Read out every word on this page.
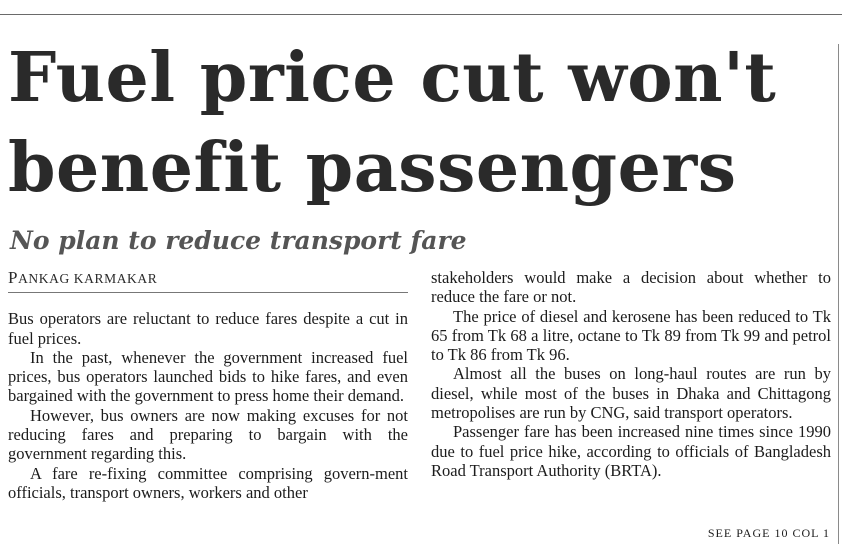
Fuel price cut won't benefit passengers
No plan to reduce transport fare
PANKAG KARMAKAR

Bus operators are reluctant to reduce fares despite a cut in fuel prices.

In the past, whenever the government increased fuel prices, bus operators launched bids to hike fares, and even bargained with the government to press home their demand.

However, bus owners are now making excuses for not reducing fares and preparing to bargain with the government regarding this.

A fare re-fixing committee comprising govern-ment officials, transport owners, workers and other

stakeholders would make a decision about whether to reduce the fare or not.

The price of diesel and kerosene has been reduced to Tk 65 from Tk 68 a litre, octane to Tk 89 from Tk 99 and petrol to Tk 86 from Tk 96.

Almost all the buses on long-haul routes are run by diesel, while most of the buses in Dhaka and Chittagong metropolises are run by CNG, said transport operators.

Passenger fare has been increased nine times since 1990 due to fuel price hike, according to officials of Bangladesh Road Transport Authority (BRTA).

SEE PAGE 10 COL 1
